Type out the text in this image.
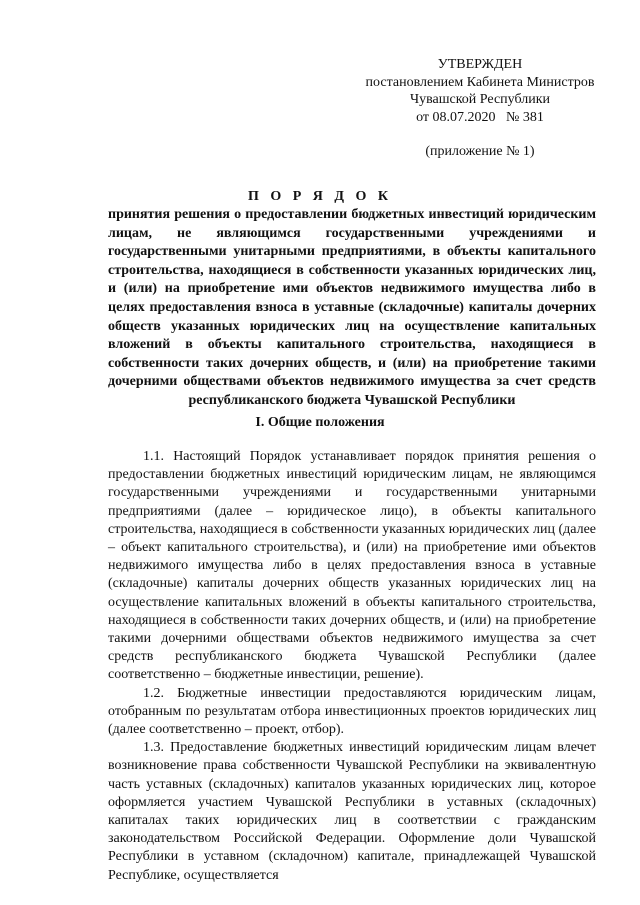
УТВЕРЖДЕН
постановлением Кабинета Министров
Чувашской Республики
от 08.07.2020   № 381
(приложение № 1)
П О Р Я Д О К
принятия решения о предоставлении бюджетных инвестиций юридическим лицам, не являющимся государственными учреждениями и государственными унитарными предприятиями, в объекты капитального строительства, находящиеся в собственности указанных юридических лиц, и (или) на приобретение ими объектов недвижимого имущества либо в целях предоставления взноса в уставные (складочные) капиталы дочерних обществ указанных юридических лиц на осуществление капитальных вложений в объекты капитального строительства, находящиеся в собственности таких дочерних обществ, и (или) на приобретение такими дочерними обществами объектов недвижимого имущества за счет средств республиканского бюджета Чувашской Республики
I. Общие положения

1.1. Настоящий Порядок устанавливает порядок принятия решения о предоставлении бюджетных инвестиций юридическим лицам, не являющимся государственными учреждениями и государственными унитарными предприятиями (далее – юридическое лицо), в объекты капитального строительства, находящиеся в собственности указанных юридических лиц (далее – объект капитального строительства), и (или) на приобретение ими объектов недвижимого имущества либо в целях предоставления взноса в уставные (складочные) капиталы дочерних обществ указанных юридических лиц на осуществление капитальных вложений в объекты капитального строительства, находящиеся в собственности таких дочерних обществ, и (или) на приобретение такими дочерними обществами объектов недвижимого имущества за счет средств республиканского бюджета Чувашской Республики (далее соответственно – бюджетные инвестиции, решение).

1.2. Бюджетные инвестиции предоставляются юридическим лицам, отобранным по результатам отбора инвестиционных проектов юридических лиц (далее соответственно – проект, отбор).

1.3. Предоставление бюджетных инвестиций юридическим лицам влечет возникновение права собственности Чувашской Республики на эквивалентную часть уставных (складочных) капиталов указанных юридических лиц, которое оформляется участием Чувашской Республики в уставных (складочных) капиталах таких юридических лиц в соответствии с гражданским законодательством Российской Федерации. Оформление доли Чувашской Республики в уставном (складочном) капитале, принадлежащей Чувашской Республике, осуществляется
